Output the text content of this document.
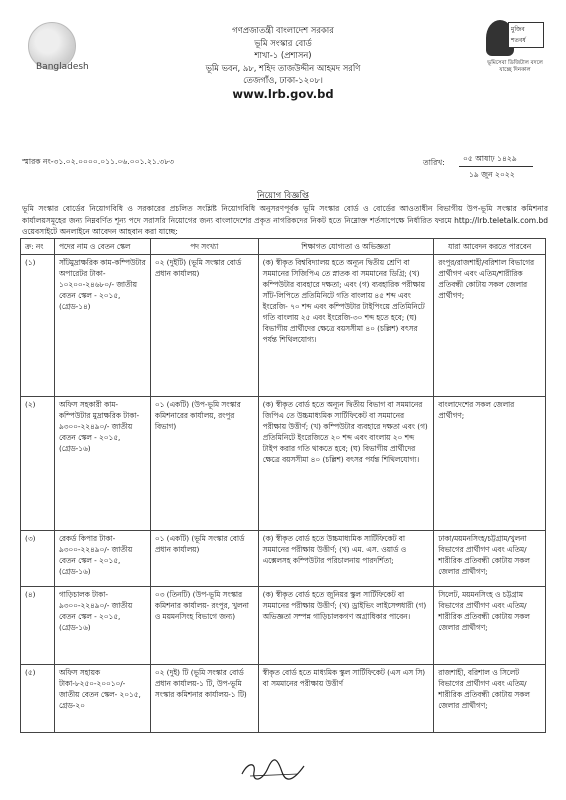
Bangladesh
মুজিব শতবর্ষ
ভূমিসেবা ডিজিটাল বদলে যাচ্ছে দিনকাল
গণপ্রজাতন্ত্রী বাংলাদেশ সরকার
ভূমি সংস্কার বোর্ড
শাখা-১ (প্রশাসন)
ভূমি ভবন, ৯৮, শহিদ তাজউদ্দীন আহমদ সরণি
তেজগাঁও, ঢাকা-১২০৮।
www.lrb.gov.bd
স্মারক নং-৩১.০২.০০০০.০১১.০৬.০০১.২১.৩৮৩	তারিখ: ০৫ আষাঢ় ১৪২৯
১৯ জুন ২০২২
নিয়োগ বিজ্ঞপ্তি
ভূমি সংস্কার বোর্ডের নিয়োগবিধি ও সরকারের প্রচলিত সংশ্লিষ্ট নিয়োগবিধি অনুসরণপূর্বক ভূমি সংস্কার বোর্ড ও বোর্ডের আওতাধীন বিভাগীয় উপ-ভূমি সংস্কার কমিশনার কার্যালয়সমূহের জন্য নিম্নবর্ণিত শূন্য পদে সরাসরি নিয়োগের জন্য বাংলাদেশের প্রকৃত নাগরিকদের নিকট হতে নিম্নোক্ত শর্তসাপেক্ষে নির্ধারিত ফরমে http://lrb.teletalk.com.bd ওয়েবসাইটে অনলাইনে আবেদন আহবান করা যাচ্ছে:
ক্র: নং	পদের নাম ও বেতন স্কেল	পদ সংখ্যা	শিক্ষাগত যোগ্যতা ও অভিজ্ঞতা	যারা আবেদন করতে পারবেন
(১)	সাঁটমুদ্রাক্ষরিক কাম-কম্পিউটার অপারেটর টাকা- ১০২০০-২৪৬৮০/- জাতীয় বেতন স্কেল - ২০১৫, (গ্রেড-১৪)	০২ (দুইটি) (ভূমি সংস্কার বোর্ড প্রধান কার্যালয়)	(ক) স্বীকৃত বিশ্ববিদ্যালয় হতে অন্যূন দ্বিতীয় শ্রেণি বা সমমানের সিজিপিএ তে স্নাতক বা সমমানের ডিগ্রি; (খ) কম্পিউটার ব্যবহারে দক্ষতা; এবং (গ) ব্যবহারিক পরীক্ষায় সাঁট-লিপিতে প্রতিমিনিটে গতি বাংলায় ৪৫ শব্দ এবং ইংরেজি- ৭০ শব্দ এবং কম্পিউটার টাইপিংয়ে প্রতিমিনিটে গতি বাংলায় ২৫ এবং ইংরেজি-৩০ শব্দ হতে হবে; (ঘ) বিভাগীয় প্রার্থীদের ক্ষেত্রে বয়সসীমা ৪০ (চল্লিশ) বৎসর পর্যন্ত শিথিলযোগ্য।	রংপুর/রাজশাহী/বরিশাল বিভাগের প্রার্থীগণ এবং এতিম/শারীরিক প্রতিবন্ধী কোটায় সকল জেলার প্রার্থীগণ;
(২)	অফিস সহকারী কাম-কম্পিউটার মুদ্রাক্ষরিক টাকা- ৯৩০০-২২৪৯০/- জাতীয় বেতন স্কেল - ২০১৫, (গ্রেড-১৬)	০১ (একটি) (উপ-ভূমি সংস্কার কমিশনারের কার্যালয়, রংপুর বিভাগ)	(ক) স্বীকৃত বোর্ড হতে অন্যূন দ্বিতীয় বিভাগ বা সমমানের জিপিএ তে উচ্চমাধ্যমিক সার্টিফিকেট বা সমমানের পরীক্ষায় উত্তীর্ণ; (খ) কম্পিউটার ব্যবহারে দক্ষতা এবং (গ) প্রতিমিনিটে ইংরেজিতে ২০ শব্দ এবং বাংলায় ২০ শব্দ টাইপ করার গতি থাকতে হবে; (ঘ) বিভাগীয় প্রার্থীদের ক্ষেত্রে বয়সসীমা ৪০ (চল্লিশ) বৎসর পর্যন্ত শিথিলযোগ্য।	বাংলাদেশের সকল জেলার প্রার্থীগণ;
(৩)	রেকর্ড কিপার টাকা- ৯৩০০-২২৪৯০/- জাতীয় বেতন স্কেল - ২০১৫, (গ্রেড-১৬)	০১ (একটি) (ভূমি সংস্কার বোর্ড প্রধান কার্যালয়)	(ক) স্বীকৃত বোর্ড হতে উচ্চমাধ্যমিক সার্টিফিকেট বা সমমানের পরীক্ষায় উত্তীর্ণ; (খ) এম. এস. ওয়ার্ড ও এক্সেলসহ কম্পিউটার পরিচালনায় পারদর্শিতা;	ঢাকা/ময়মনসিংহ/চট্টগ্রাম/খুলনা বিভাগের প্রার্থীগণ এবং এতিম/শারীরিক প্রতিবন্ধী কোটায় সকল জেলার প্রার্থীগণ;
(৪)	গাড়িচালক টাকা- ৯৩০০-২২৪৯০/- জাতীয় বেতন স্কেল - ২০১৫, (গ্রেড-১৬)	০৩ (তিনটি) (উপ-ভূমি সংস্কার কমিশনার কার্যালয়- রংপুর, খুলনা ও ময়মনসিংহ বিভাগে জন্য)	(ক) স্বীকৃত বোর্ড হতে জুনিয়র স্কুল সার্টিফিকেট বা সমমানের পরীক্ষায় উত্তীর্ণ; (খ) ড্রাইভিং লাইসেন্সধারী (গ) অভিজ্ঞতা সম্পন্ন গাড়িচালকগণ অগ্রাধিকার পাবেন।	সিলেট, ময়মনসিংহ ও চট্টগ্রাম বিভাগের প্রার্থীগণ এবং এতিম/শারীরিক প্রতিবন্ধী কোটায় সকল জেলার প্রার্থীগণ;
(৫)	অফিস সহায়ক টাকা-৮২৫০-২০০১০/- জাতীয় বেতন স্কেল- ২০১৫, গ্রেড-২০	০২ (দুই) টি (ভূমি সংস্কার বোর্ড প্রধান কার্যালয়-১ টি, উপ-ভূমি সংস্কার কমিশনার কার্যালয়-১ টি)	স্বীকৃত বোর্ড হতে মাধ্যমিক স্কুল সার্টিফিকেট (এস এস সি) বা সমমানের পরীক্ষায় উত্তীর্ণ	রাজশাহী, বরিশাল ও সিলেট বিভাগের প্রার্থীগণ এবং এতিম/শারীরিক প্রতিবন্ধী কোটায় সকল জেলার প্রার্থীগণ;
